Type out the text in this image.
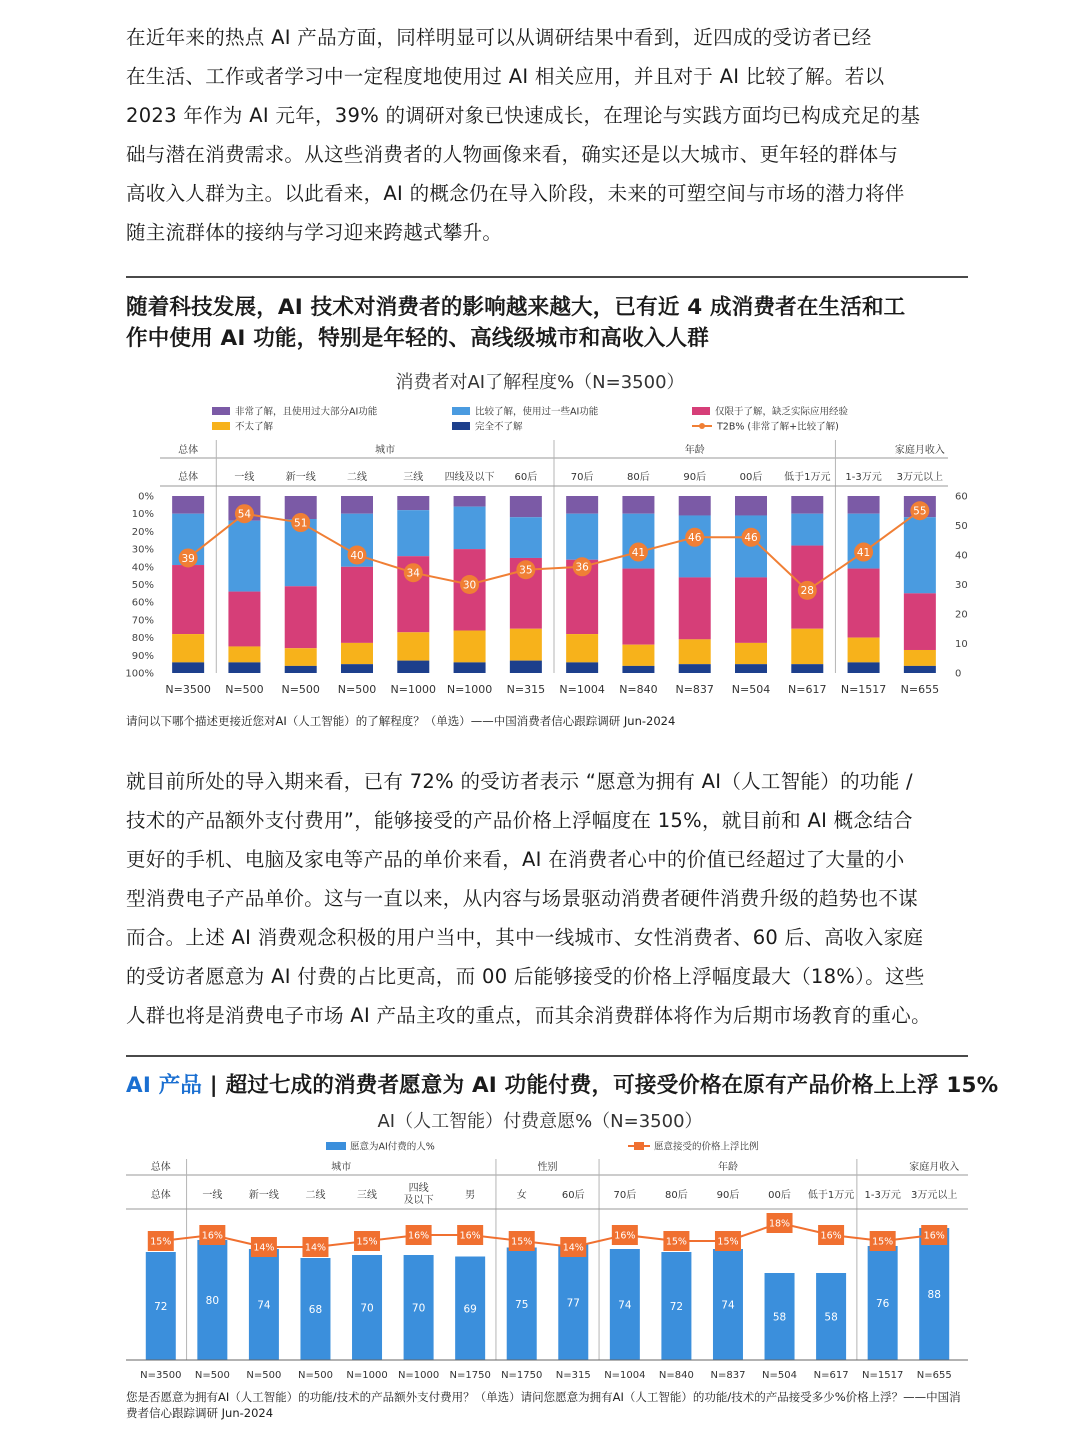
在近年来的热点 AI 产品方面，同样明显可以从调研结果中看到，近四成的受访者已经
在生活、工作或者学习中一定程度地使用过 AI 相关应用，并且对于 AI 比较了解。若以
2023 年作为 AI 元年，39% 的调研对象已快速成长，在理论与实践方面均已构成充足的基
础与潜在消费需求。从这些消费者的人物画像来看，确实还是以大城市、更年轻的群体与
高收入人群为主。以此看来，AI 的概念仍在导入阶段，未来的可塑空间与市场的潜力将伴
随主流群体的接纳与学习迎来跨越式攀升。
随着科技发展，AI 技术对消费者的影响越来越大，已有近 4 成消费者在生活和工
作中使用 AI 功能，特别是年轻的、高线级城市和高收入人群
消费者对AI了解程度%（N=3500）
非常了解，且使用过大部分AI功能	比较了解，使用过一些AI功能	仅限于了解，缺乏实际应用经验
不太了解	完全不了解	T2B% (非常了解+比较了解)
总体	城市	年龄	家庭月收入
0%
10%
20%
30%
40%
50%
60%
70%
80%
90%
100%
60
50
40
30
20
10
0
总体
N=3500
一线
N=500
新一线
N=500
二线
N=500
三线
N=1000
四线及以下
N=1000
60后
N=315
70后
N=1004
80后
N=840
90后
N=837
00后
N=504
低于1万元
N=617
1-3万元
N=1517
3万元以上
N=655
39
54
51
40
34
30
35	36
41
46	46
28
41
55
请问以下哪个描述更接近您对AI（人工智能）的了解程度？（单选）——中国消费者信心跟踪调研 Jun-2024
就目前所处的导入期来看，已有 72% 的受访者表示 “愿意为拥有 AI（人工智能）的功能 /
技术的产品额外支付费用”，能够接受的产品价格上浮幅度在 15%，就目前和 AI 概念结合
更好的手机、电脑及家电等产品的单价来看，AI 在消费者心中的价值已经超过了大量的小
型消费电子产品单价。这与一直以来，从内容与场景驱动消费者硬件消费升级的趋势也不谋
而合。上述 AI 消费观念积极的用户当中，其中一线城市、女性消费者、60 后、高收入家庭
的受访者愿意为 AI 付费的占比更高，而 00 后能够接受的价格上浮幅度最大（18%）。这些
人群也将是消费电子市场 AI 产品主攻的重点，而其余消费群体将作为后期市场教育的重心。
AI 产品 | 超过七成的消费者愿意为 AI 功能付费，可接受价格在原有产品价格上上浮 15%
AI（人工智能）付费意愿%（N=3500）
愿意为AI付费的人%	愿意接受的价格上浮比例
总体	城市	性别	年龄	家庭月收入
总体
72
N=3500
一线
80
N=500
新一线
74
N=500
二线
68
N=500
三线
70
N=1000
四线
及以下
70
N=1000
男
69
N=1750
女
75
N=1750
60后
77
N=315
70后
74
N=1004
80后
72
N=840
90后
74
N=837
00后
58
N=504
低于1万元
58
N=617
1-3万元
76
N=1517
3万元以上
88
N=655
15%
16%
14%	14%
15%
16%	16%
15%
14%
16%
15%	15%
18%
16%
15%
16%
您是否愿意为拥有AI（人工智能）的功能/技术的产品额外支付费用？（单选）请问您愿意为拥有AI（人工智能）的功能/技术的产品接受多少%价格上浮？——中国消费者信心跟踪调研 Jun-2024
